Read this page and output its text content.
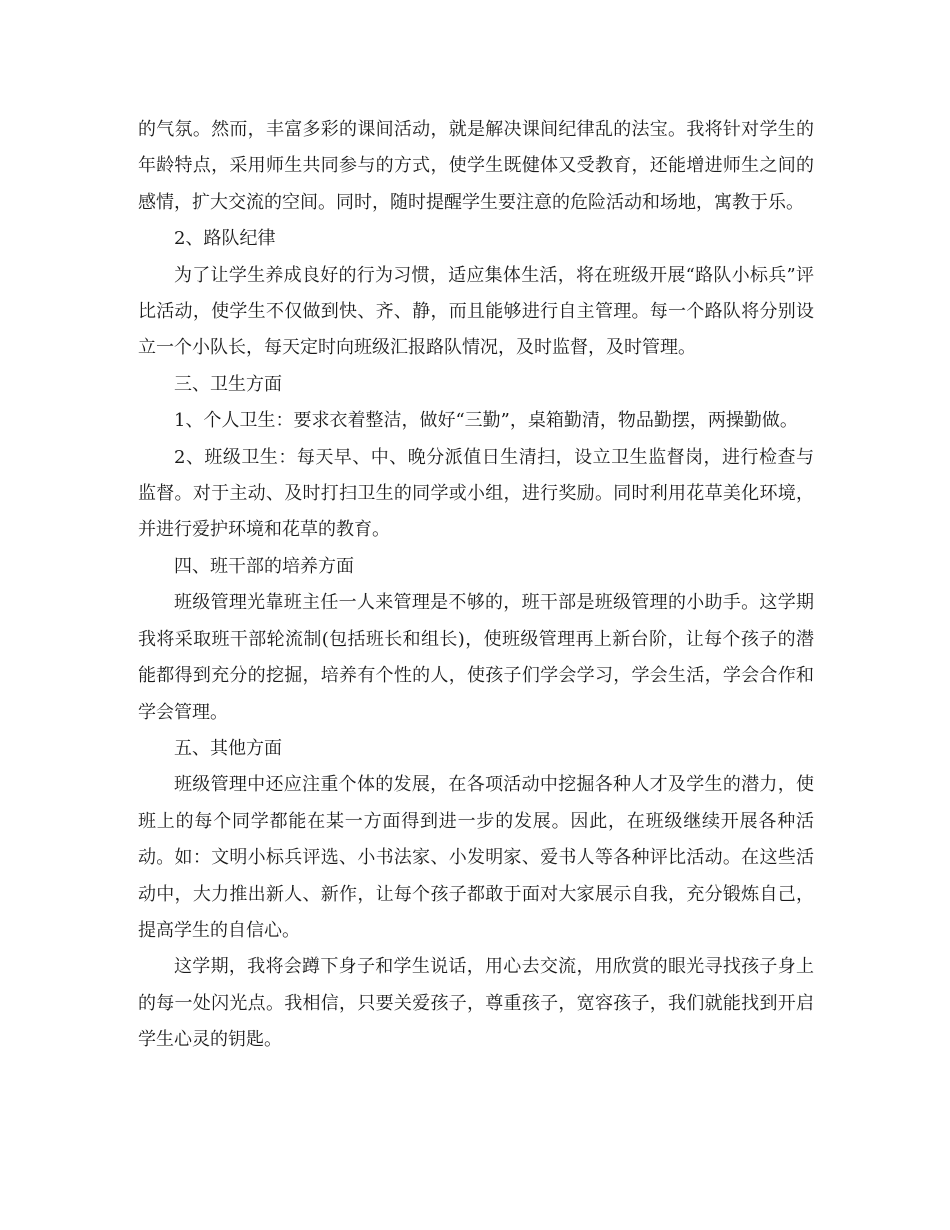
的气氛。然而，丰富多彩的课间活动，就是解决课间纪律乱的法宝。我将针对学生的年龄特点，采用师生共同参与的方式，使学生既健体又受教育，还能增进师生之间的感情，扩大交流的空间。同时，随时提醒学生要注意的危险活动和场地，寓教于乐。

2、路队纪律

为了让学生养成良好的行为习惯，适应集体生活，将在班级开展“路队小标兵”评比活动，使学生不仅做到快、齐、静，而且能够进行自主管理。每一个路队将分别设立一个小队长，每天定时向班级汇报路队情况，及时监督，及时管理。

三、卫生方面

1、个人卫生：要求衣着整洁，做好“三勤”，桌箱勤清，物品勤摆，两操勤做。

2、班级卫生：每天早、中、晚分派值日生清扫，设立卫生监督岗，进行检查与监督。对于主动、及时打扫卫生的同学或小组，进行奖励。同时利用花草美化环境，并进行爱护环境和花草的教育。

四、班干部的培养方面

班级管理光靠班主任一人来管理是不够的，班干部是班级管理的小助手。这学期我将采取班干部轮流制(包括班长和组长)，使班级管理再上新台阶，让每个孩子的潜能都得到充分的挖掘，培养有个性的人，使孩子们学会学习，学会生活，学会合作和学会管理。

五、其他方面

班级管理中还应注重个体的发展，在各项活动中挖掘各种人才及学生的潜力，使班上的每个同学都能在某一方面得到进一步的发展。因此，在班级继续开展各种活动。如：文明小标兵评选、小书法家、小发明家、爱书人等各种评比活动。在这些活动中，大力推出新人、新作，让每个孩子都敢于面对大家展示自我，充分锻炼自己，提高学生的自信心。

这学期，我将会蹲下身子和学生说话，用心去交流，用欣赏的眼光寻找孩子身上的每一处闪光点。我相信，只要关爱孩子，尊重孩子，宽容孩子，我们就能找到开启学生心灵的钥匙。
